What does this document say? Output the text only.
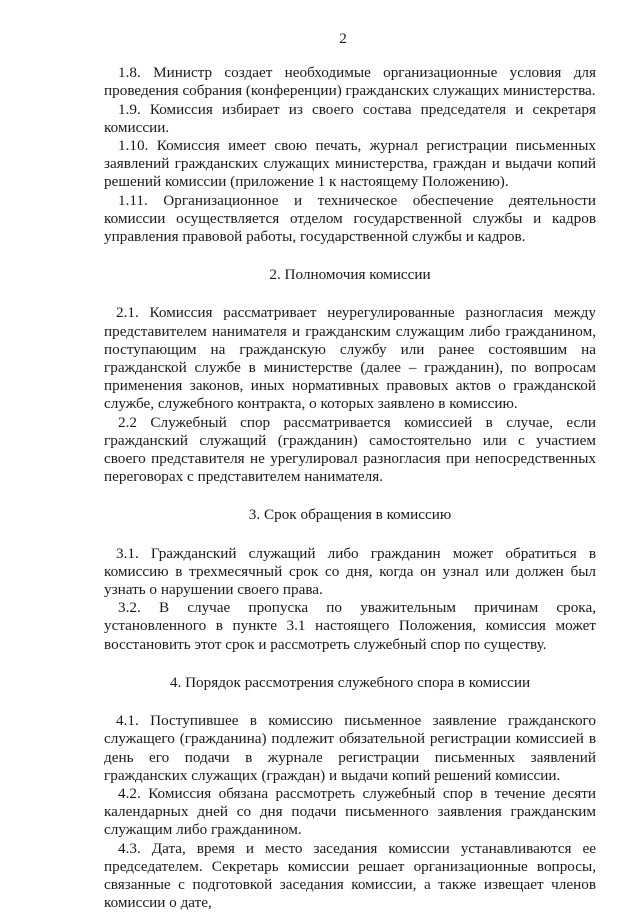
2

1.8. Министр создает необходимые организационные условия для проведения собрания (конференции) гражданских служащих министерства.

1.9. Комиссия избирает из своего состава председателя и секретаря комиссии.

1.10. Комиссия имеет свою печать, журнал регистрации письменных заявлений гражданских служащих министерства, граждан и выдачи копий решений комиссии (приложение 1 к настоящему Положению).

1.11. Организационное и техническое обеспечение деятельности комиссии осуществляется отделом государственной службы и кадров управления правовой работы, государственной службы и кадров.

2. Полномочия комиссии

2.1. Комиссия рассматривает неурегулированные разногласия между представителем нанимателя и гражданским служащим либо гражданином, поступающим на гражданскую службу или ранее состоявшим на гражданской службе в министерстве (далее – гражданин), по вопросам применения законов, иных нормативных правовых актов о гражданской службе, служебного контракта, о которых заявлено в комиссию.

2.2 Служебный спор рассматривается комиссией в случае, если гражданский служащий (гражданин) самостоятельно или с участием своего представителя не урегулировал разногласия при непосредственных переговорах с представителем нанимателя.

3. Срок обращения в комиссию

3.1. Гражданский служащий либо гражданин может обратиться в комиссию в трехмесячный срок со дня, когда он узнал или должен был узнать о нарушении своего права.

3.2. В случае пропуска по уважительным причинам срока, установленного в пункте 3.1 настоящего Положения, комиссия может восстановить этот срок и рассмотреть служебный спор по существу.

4. Порядок рассмотрения служебного спора в комиссии

4.1. Поступившее в комиссию письменное заявление гражданского служащего (гражданина) подлежит обязательной регистрации комиссией в день его подачи в журнале регистрации письменных заявлений гражданских служащих (граждан) и выдачи копий решений комиссии.

4.2. Комиссия обязана рассмотреть служебный спор в течение десяти календарных дней со дня подачи письменного заявления гражданским служащим либо гражданином.

4.3. Дата, время и место заседания комиссии устанавливаются ее председателем. Секретарь комиссии решает организационные вопросы, связанные с подготовкой заседания комиссии, а также извещает членов комиссии о дате,
